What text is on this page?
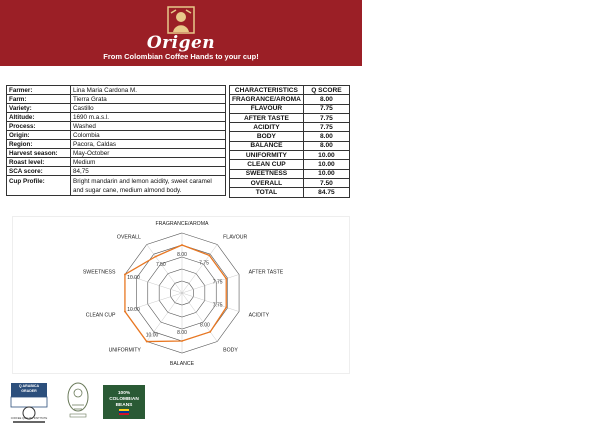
Origen
From Colombian Coffee Hands to your cup!
Farmer:	Lina Maria Cardona M.
Farm:	Tierra Grata
Variety:	Castillo
Altitude:	1690 m.a.s.l.
Process:	Washed
Origin:	Colombia
Region:	Pacora, Caldas
Harvest season:	May-October
Roast level:	Medium
SCA score:	84,75
Cup Profile:	Bright mandarin and lemon acidity, sweet caramel and sugar cane, medium almond body.
CHARACTERISTICS	Q SCORE
FRAGRANCE/AROMA	8.00
FLAVOUR	7.75
AFTER TASTE	7.75
ACIDITY	7.75
BODY	8.00
BALANCE	8.00
UNIFORMITY	10.00
CLEAN CUP	10.00
SWEETNESS	10.00
OVERALL	7.50
TOTAL	84.75
8.00
FRAGRANCE/AROMA
7.75
FLAVOUR
7.75
AFTER TASTE
7.75
ACIDITY
8.00
BODY
8.00
BALANCE
10.00
UNIFORMITY
10.00
CLEAN CUP
10.00
SWEETNESS
7.50
OVERALL
Q ARABICA
GRADER
COFFEE QUALITY INSTITUTE
100%
COLOMBIAN
BEANS
